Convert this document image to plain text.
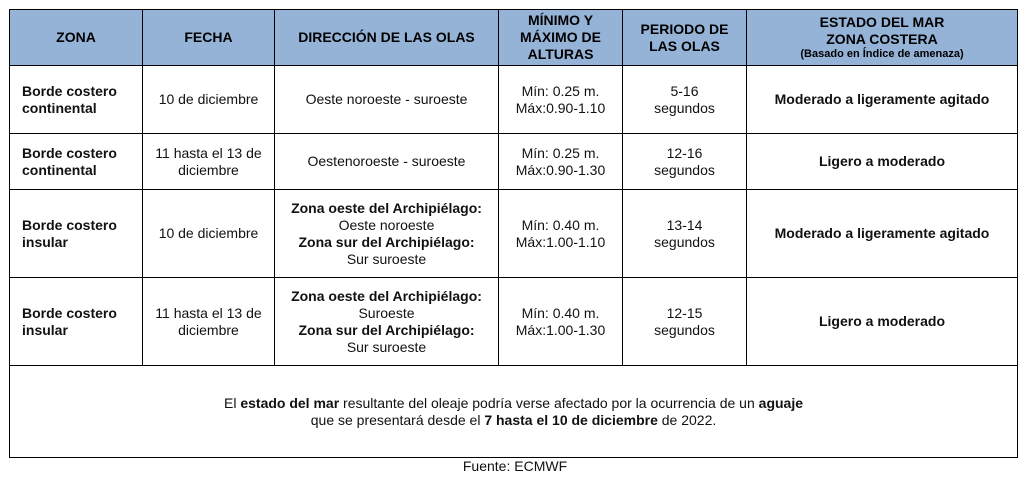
ZONA	FECHA	DIRECCIÓN DE LAS OLAS	MÍNIMO Y
MÁXIMO DE
ALTURAS	PERIODO DE
LAS OLAS	ESTADO DEL MAR
ZONA COSTERA
(Basado en Índice de amenaza)

Borde costero
continental	10 de diciembre	Oeste noroeste - suroeste	Mín: 0.25 m.
Máx:0.90-1.10	5-16
segundos	Moderado a ligeramente agitado

Borde costero
continental	11 hasta el 13 de
diciembre	Oestenoroeste - suroeste	Mín: 0.25 m.
Máx:0.90-1.30	12-16
segundos	Ligero a moderado

Borde costero
insular	10 de diciembre	Zona oeste del Archipiélago:
Oeste noroeste
Zona sur del Archipiélago:
Sur suroeste	Mín: 0.40 m.
Máx:1.00-1.10	13-14
segundos	Moderado a ligeramente agitado

Borde costero
insular	11 hasta el 13 de
diciembre	Zona oeste del Archipiélago:
Suroeste
Zona sur del Archipiélago:
Sur suroeste	Mín: 0.40 m.
Máx:1.00-1.30	12-15
segundos	Ligero a moderado

El estado del mar resultante del oleaje podría verse afectado por la ocurrencia de un aguaje
que se presentará desde el 7 hasta el 10 de diciembre de 2022.					
Fuente: ECMWF
